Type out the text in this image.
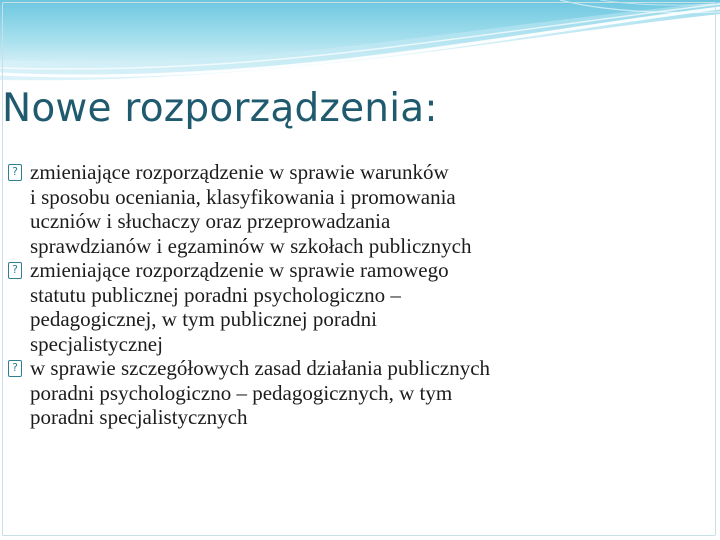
Nowe rozporządzenia:
? zmieniające rozporządzenie w sprawie warunków
i sposobu oceniania, klasyfikowania i promowania
uczniów i słuchaczy oraz przeprowadzania
sprawdzianów i egzaminów w szkołach publicznych
? zmieniające rozporządzenie w sprawie ramowego
statutu publicznej poradni psychologiczno –
pedagogicznej, w tym publicznej poradni
specjalistycznej
? w sprawie szczegółowych zasad działania publicznych
poradni psychologiczno – pedagogicznych, w tym
poradni specjalistycznych
